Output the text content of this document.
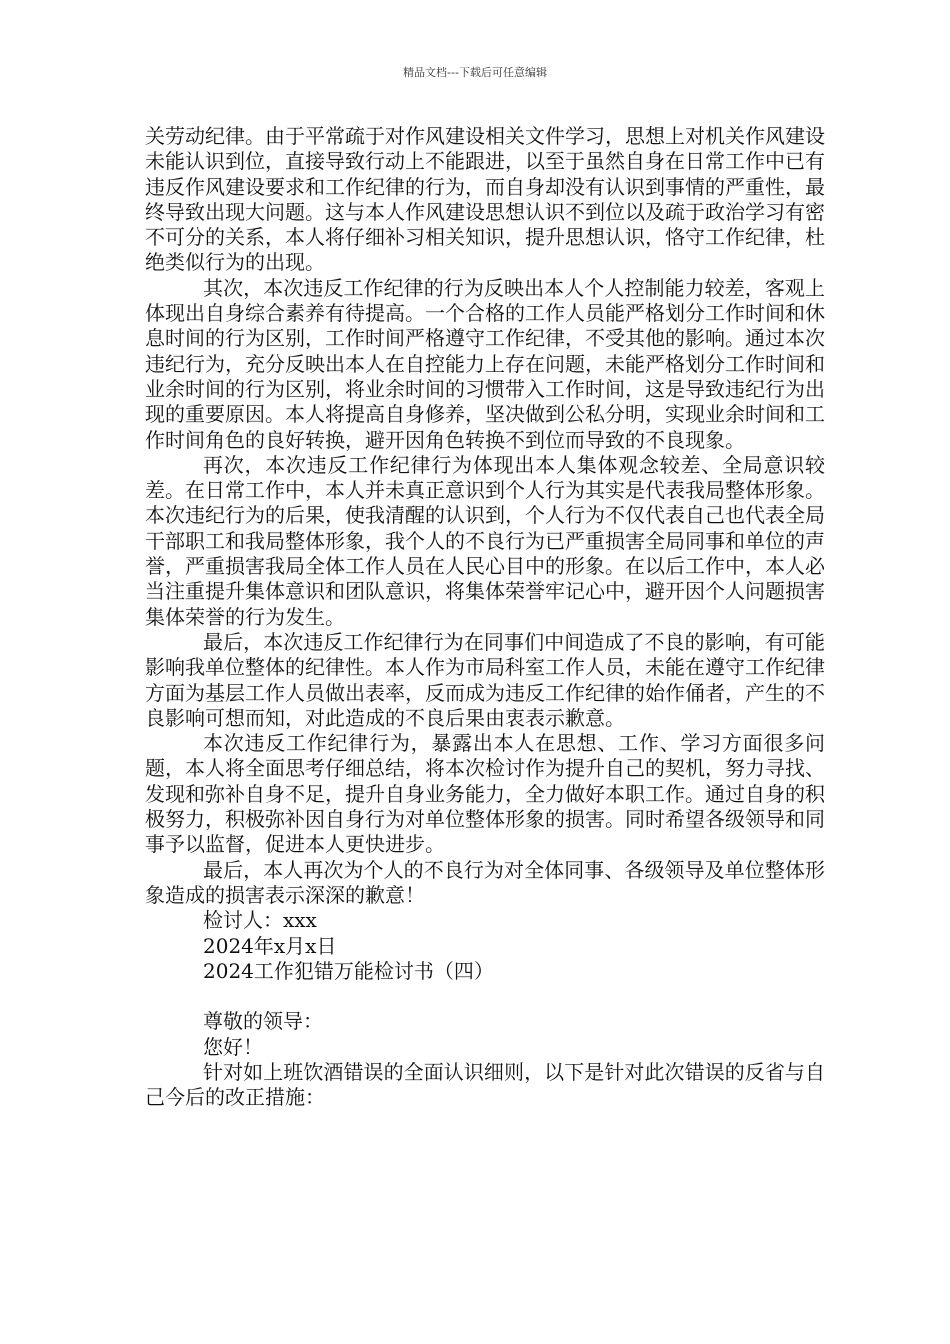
精品文档---下载后可任意编辑

关劳动纪律。由于平常疏于对作风建设相关文件学习，思想上对机关作风建设未能认识到位，直接导致行动上不能跟进，以至于虽然自身在日常工作中已有违反作风建设要求和工作纪律的行为，而自身却没有认识到事情的严重性，最终导致出现大问题。这与本人作风建设思想认识不到位以及疏于政治学习有密不可分的关系，本人将仔细补习相关知识，提升思想认识，恪守工作纪律，杜绝类似行为的出现。

其次，本次违反工作纪律的行为反映出本人个人控制能力较差，客观上体现出自身综合素养有待提高。一个合格的工作人员能严格划分工作时间和休息时间的行为区别，工作时间严格遵守工作纪律，不受其他的影响。通过本次违纪行为，充分反映出本人在自控能力上存在问题，未能严格划分工作时间和业余时间的行为区别，将业余时间的习惯带入工作时间，这是导致违纪行为出现的重要原因。本人将提高自身修养，坚决做到公私分明，实现业余时间和工作时间角色的良好转换，避开因角色转换不到位而导致的不良现象。

再次，本次违反工作纪律行为体现出本人集体观念较差、全局意识较差。在日常工作中，本人并未真正意识到个人行为其实是代表我局整体形象。本次违纪行为的后果，使我清醒的认识到，个人行为不仅代表自己也代表全局干部职工和我局整体形象，我个人的不良行为已严重损害全局同事和单位的声誉，严重损害我局全体工作人员在人民心目中的形象。在以后工作中，本人必当注重提升集体意识和团队意识，将集体荣誉牢记心中，避开因个人问题损害集体荣誉的行为发生。

最后，本次违反工作纪律行为在同事们中间造成了不良的影响，有可能影响我单位整体的纪律性。本人作为市局科室工作人员，未能在遵守工作纪律方面为基层工作人员做出表率，反而成为违反工作纪律的始作俑者，产生的不良影响可想而知，对此造成的不良后果由衷表示歉意。

本次违反工作纪律行为，暴露出本人在思想、工作、学习方面很多问题，本人将全面思考仔细总结，将本次检讨作为提升自己的契机，努力寻找、发现和弥补自身不足，提升自身业务能力，全力做好本职工作。通过自身的积极努力，积极弥补因自身行为对单位整体形象的损害。同时希望各级领导和同事予以监督，促进本人更快进步。

最后，本人再次为个人的不良行为对全体同事、各级领导及单位整体形象造成的损害表示深深的歉意！

检讨人：xxx

2024年x月x日

2024工作犯错万能检讨书（四）

尊敬的领导：

您好！

针对如上班饮酒错误的全面认识细则，以下是针对此次错误的反省与自己今后的改正措施：
